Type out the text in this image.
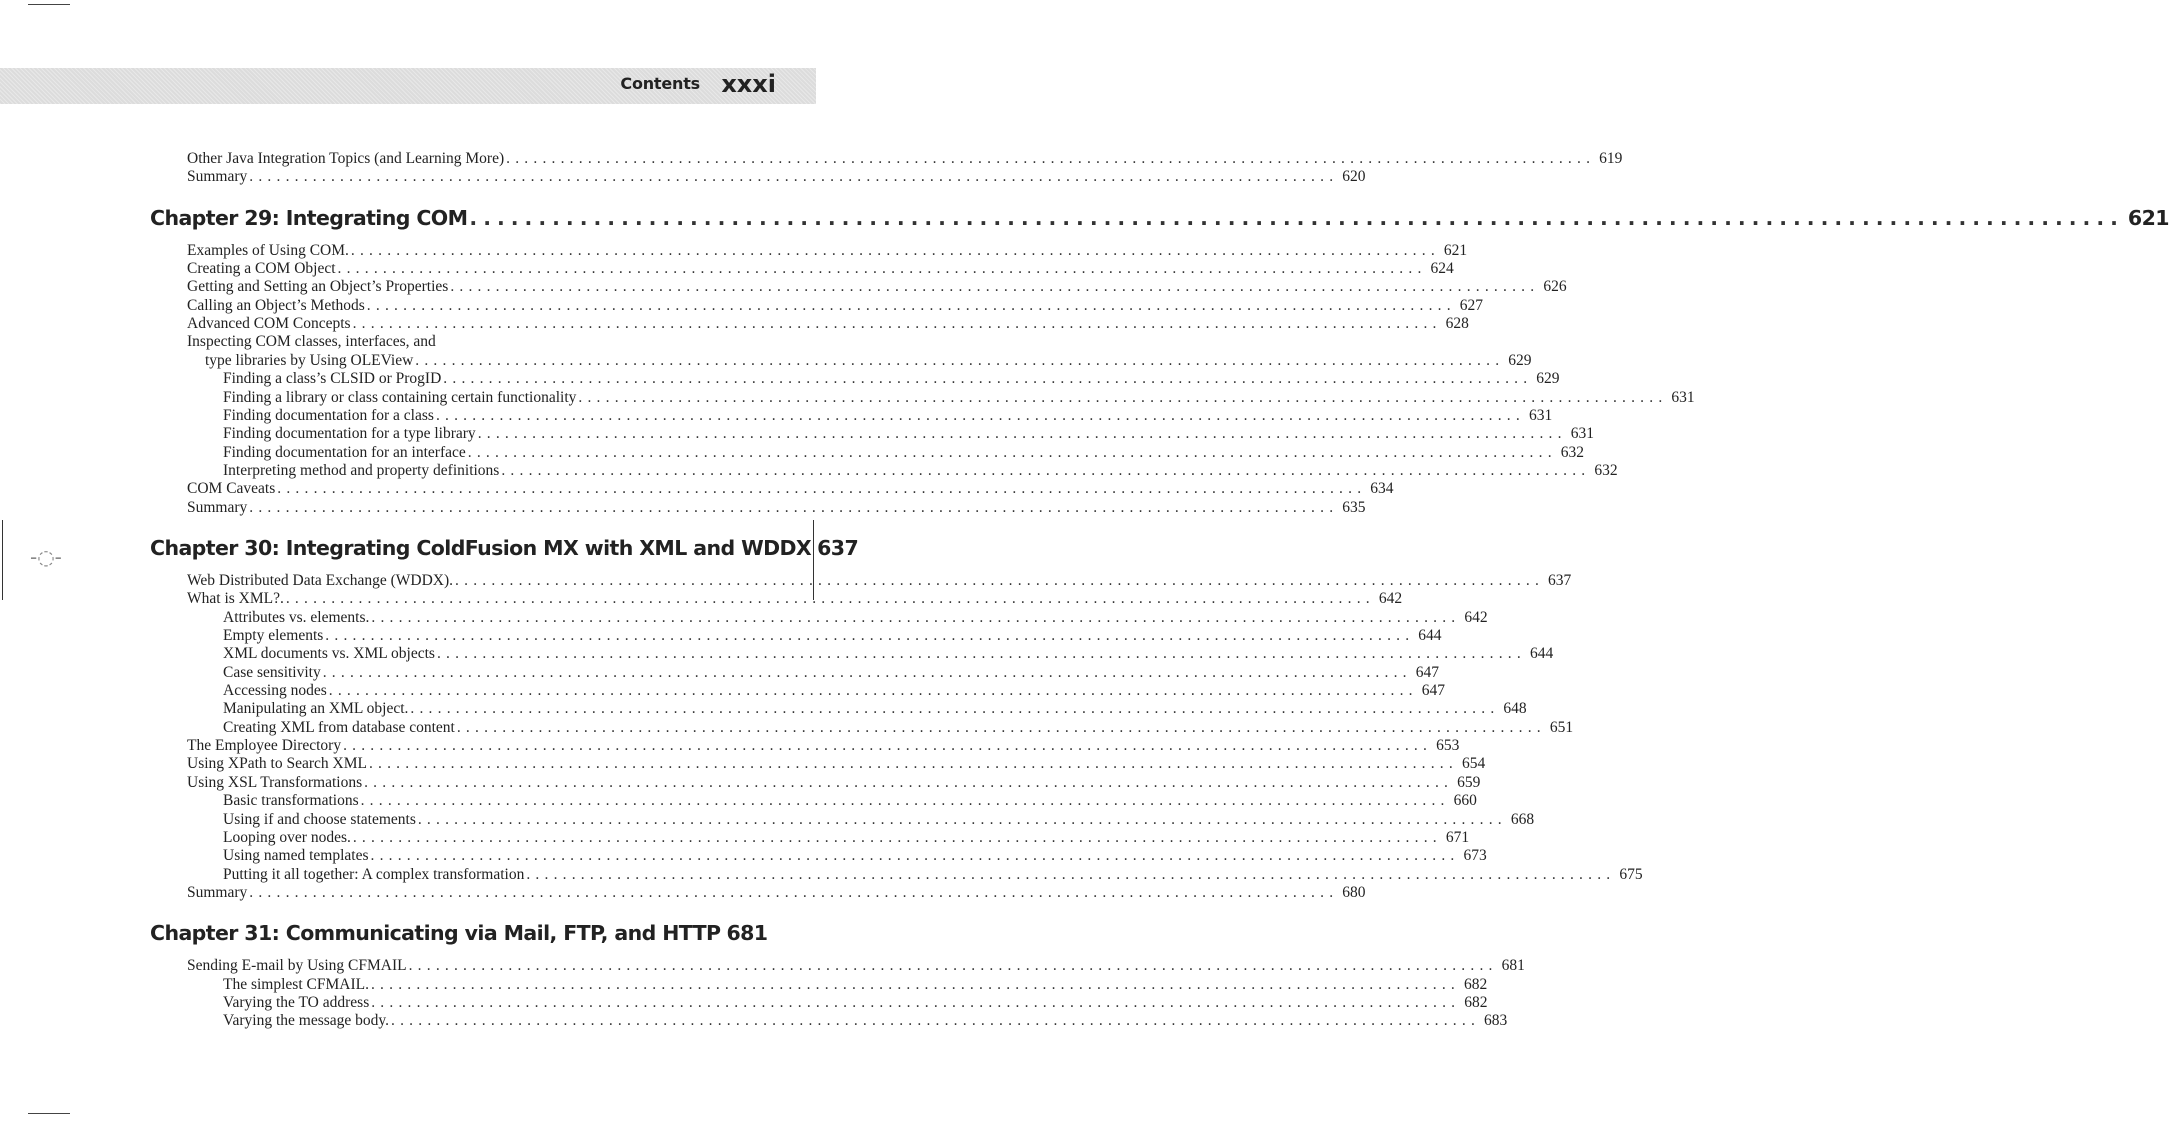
-◌-
Contents xxxi
Other Java Integration Topics (and Learning More) ........................................................................................................................ 619
Summary ........................................................................................................................ 620
Chapter 29: Integrating COM ........................................................................................................................ 621
Examples of Using COM. ........................................................................................................................ 621
Creating a COM Object ........................................................................................................................ 624
Getting and Setting an Object’s Properties ........................................................................................................................ 626
Calling an Object’s Methods ........................................................................................................................ 627
Advanced COM Concepts ........................................................................................................................ 628
Inspecting COM classes, interfaces, and
type libraries by Using OLEView ........................................................................................................................ 629
Finding a class’s CLSID or ProgID ........................................................................................................................ 629
Finding a library or class containing certain functionality ........................................................................................................................ 631
Finding documentation for a class ........................................................................................................................ 631
Finding documentation for a type library ........................................................................................................................ 631
Finding documentation for an interface ........................................................................................................................ 632
Interpreting method and property definitions ........................................................................................................................ 632
COM Caveats ........................................................................................................................ 634
Summary ........................................................................................................................ 635
Chapter 30: Integrating ColdFusion MX with XML and WDDX 637
Web Distributed Data Exchange (WDDX). ........................................................................................................................ 637
What is XML?. ........................................................................................................................ 642
Attributes vs. elements. ........................................................................................................................ 642
Empty elements ........................................................................................................................ 644
XML documents vs. XML objects ........................................................................................................................ 644
Case sensitivity ........................................................................................................................ 647
Accessing nodes ........................................................................................................................ 647
Manipulating an XML object. ........................................................................................................................ 648
Creating XML from database content ........................................................................................................................ 651
The Employee Directory ........................................................................................................................ 653
Using XPath to Search XML ........................................................................................................................ 654
Using XSL Transformations ........................................................................................................................ 659
Basic transformations ........................................................................................................................ 660
Using if and choose statements ........................................................................................................................ 668
Looping over nodes. ........................................................................................................................ 671
Using named templates ........................................................................................................................ 673
Putting it all together: A complex transformation ........................................................................................................................ 675
Summary ........................................................................................................................ 680
Chapter 31: Communicating via Mail, FTP, and HTTP 681
Sending E-mail by Using CFMAIL ........................................................................................................................ 681
The simplest CFMAIL. ........................................................................................................................ 682
Varying the TO address ........................................................................................................................ 682
Varying the message body. ........................................................................................................................ 683
